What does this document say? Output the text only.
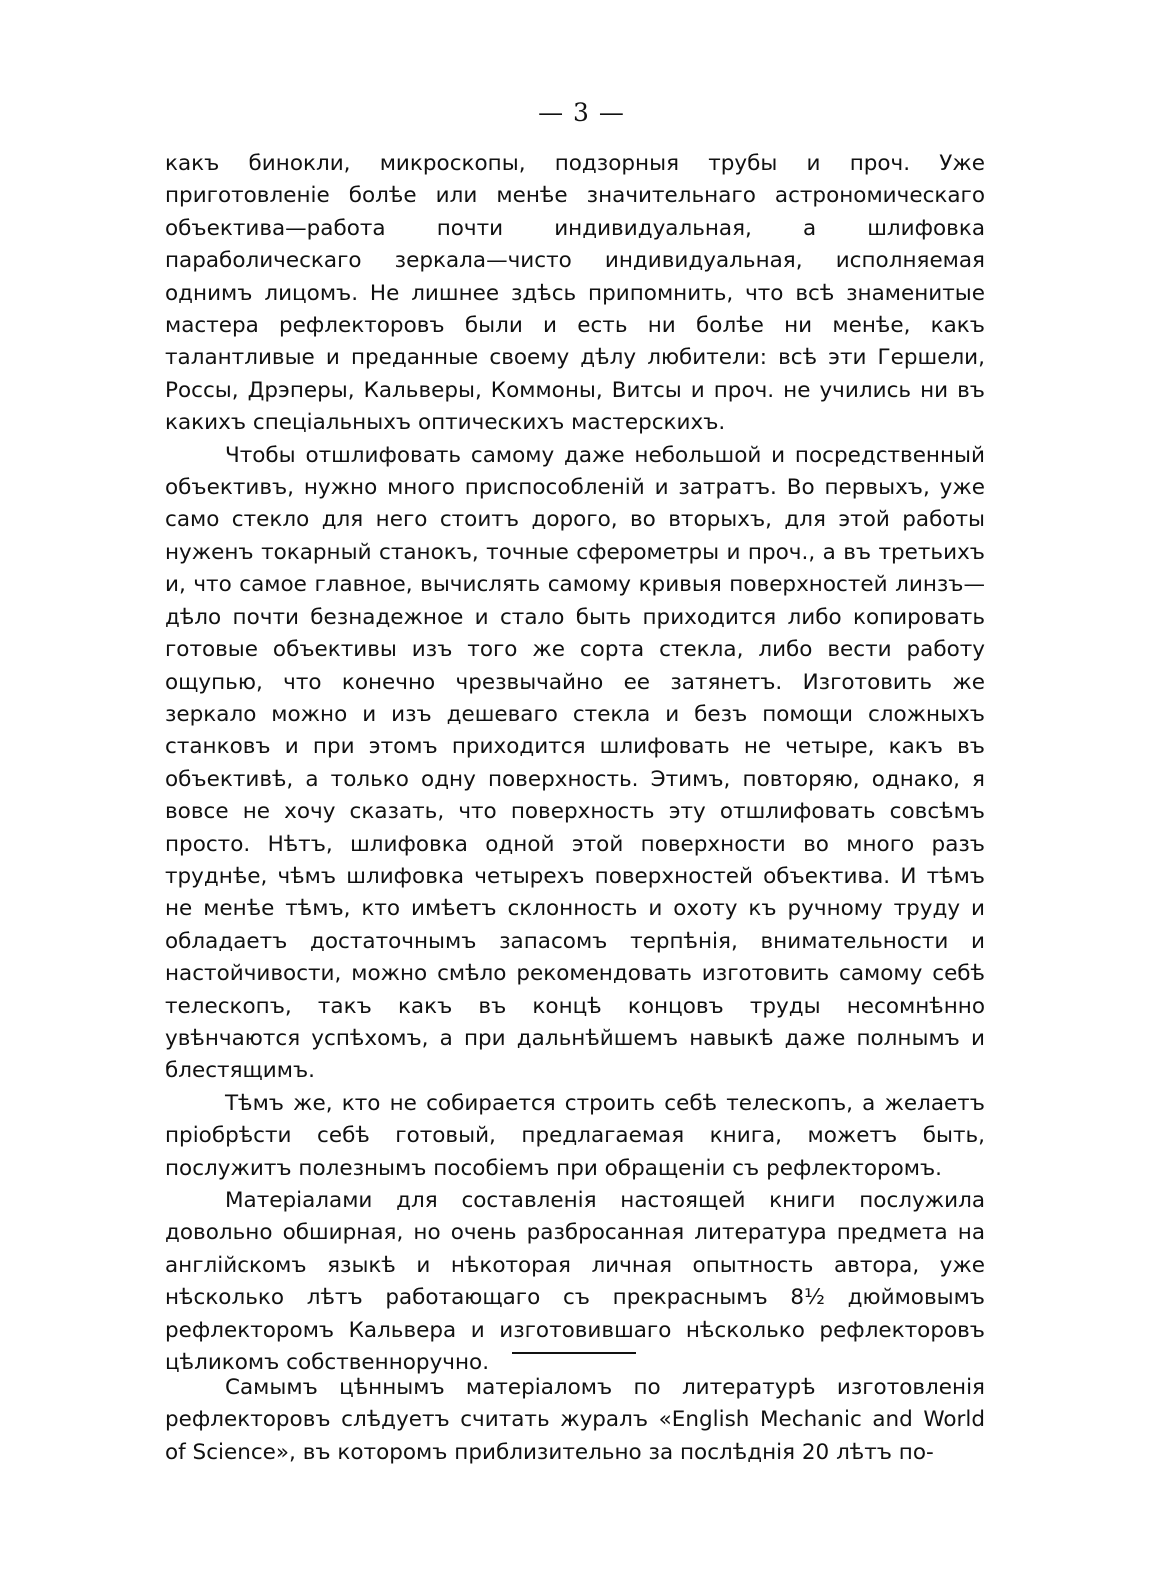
— 3 —

какъ бинокли, микроскопы, подзорныя трубы и проч. Уже приготовленіе болѣе или менѣе значительнаго астрономическаго объектива—работа почти индивидуальная, а шлифовка параболическаго зеркала—чисто индивидуальная, исполняемая однимъ лицомъ. Не лишнее здѣсь припомнить, что всѣ знаменитые мастера рефлекторовъ были и есть ни болѣе ни менѣе, какъ талантливые и преданные своему дѣлу любители: всѣ эти Гершели, Россы, Дрэперы, Кальверы, Коммоны, Витсы и проч. не учились ни въ какихъ спеціальныхъ оптическихъ мастерскихъ.

Чтобы отшлифовать самому даже небольшой и посредственный объективъ, нужно много приспособленій и затратъ. Во первыхъ, уже само стекло для него стоитъ дорого, во вторыхъ, для этой работы нуженъ токарный станокъ, точные сферометры и проч., а въ третьихъ и, что самое главное, вычислять самому кривыя поверхностей линзъ—дѣло почти безнадежное и стало быть приходится либо копировать готовые объективы изъ того же сорта стекла, либо вести работу ощупью, что конечно чрезвычайно ее затянетъ. Изготовить же зеркало можно и изъ дешеваго стекла и безъ помощи сложныхъ станковъ и при этомъ приходится шлифовать не четыре, какъ въ объективѣ, а только одну поверхность. Этимъ, повторяю, однако, я вовсе не хочу сказать, что поверхность эту отшлифовать совсѣмъ просто. Нѣтъ, шлифовка одной этой поверхности во много разъ труднѣе, чѣмъ шлифовка четырехъ поверхностей объектива. И тѣмъ не менѣе тѣмъ, кто имѣетъ склонность и охоту къ ручному труду и обладаетъ достаточнымъ запасомъ терпѣнія, внимательности и настойчивости, можно смѣло рекомендовать изготовить самому себѣ телескопъ, такъ какъ въ концѣ концовъ труды несомнѣнно увѣнчаются успѣхомъ, а при дальнѣйшемъ навыкѣ даже полнымъ и блестящимъ.

Тѣмъ же, кто не собирается строить себѣ телескопъ, а желаетъ пріобрѣсти себѣ готовый, предлагаемая книга, можетъ быть, послужитъ полезнымъ пособіемъ при обращеніи съ рефлекторомъ.

Матеріалами для составленія настоящей книги послужила довольно обширная, но очень разбросанная литература предмета на англійскомъ языкѣ и нѣкоторая личная опытность автора, уже нѣсколько лѣтъ работающаго съ прекраснымъ 8½ дюймовымъ рефлекторомъ Кальвера и изготовившаго нѣсколько рефлекторовъ цѣликомъ собственноручно.

Самымъ цѣннымъ матеріаломъ по литературѣ изготовленія рефлекторовъ слѣдуетъ считать журалъ «English Mechanic and World of Science», въ которомъ приблизительно за послѣднія 20 лѣтъ по-
